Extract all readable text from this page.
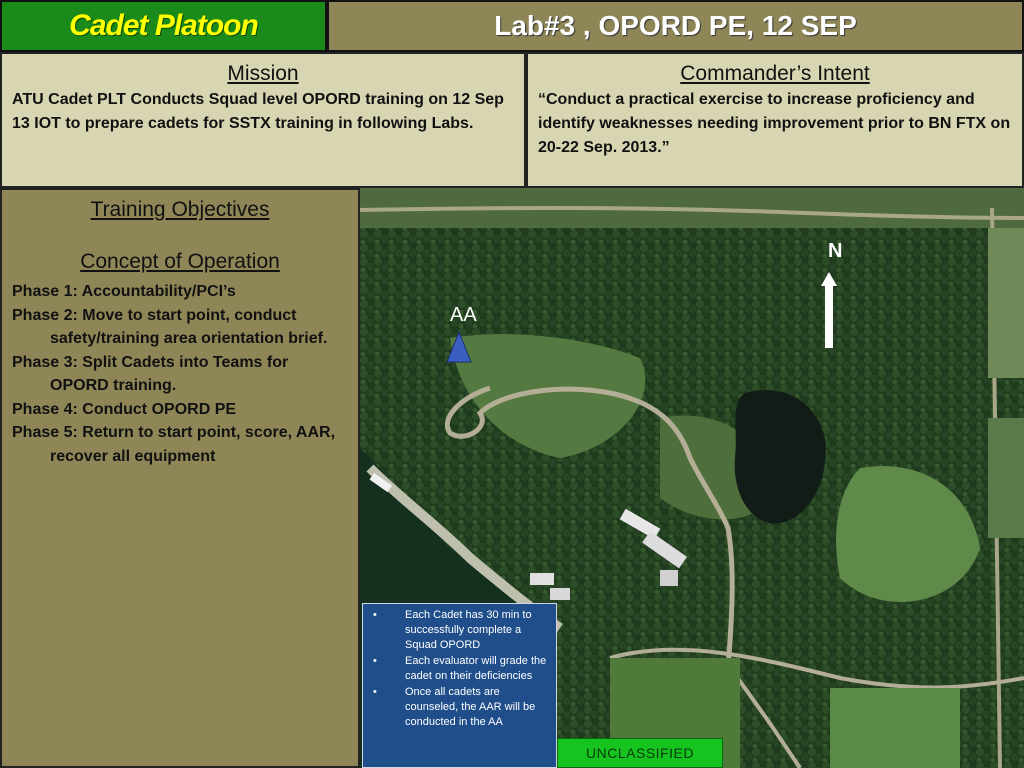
Cadet Platoon	Lab#3 , OPORD PE, 12 SEP
Mission

ATU Cadet PLT Conducts Squad level OPORD training on 12 Sep 13 IOT to prepare cadets for SSTX training in following Labs.

Commander’s Intent

“Conduct a practical exercise to increase proficiency and identify weaknesses needing improvement prior to BN FTX on 20-22 Sep. 2013.”

Training Objectives
Concept of Operation
Phase 1: Accountability/PCI’s
Phase 2: Move to start point, conduct safety/training area orientation brief.
Phase 3: Split Cadets into Teams for OPORD training.
Phase 4: Conduct OPORD PE
Phase 5: Return to start point, score, AAR, recover all equipment
AA
N
•	Each Cadet has 30 min to successfully complete a Squad OPORD
•	Each evaluator will grade the cadet on their deficiencies
•	Once all cadets are counseled, the AAR will be conducted in the AA
UNCLASSIFIED
